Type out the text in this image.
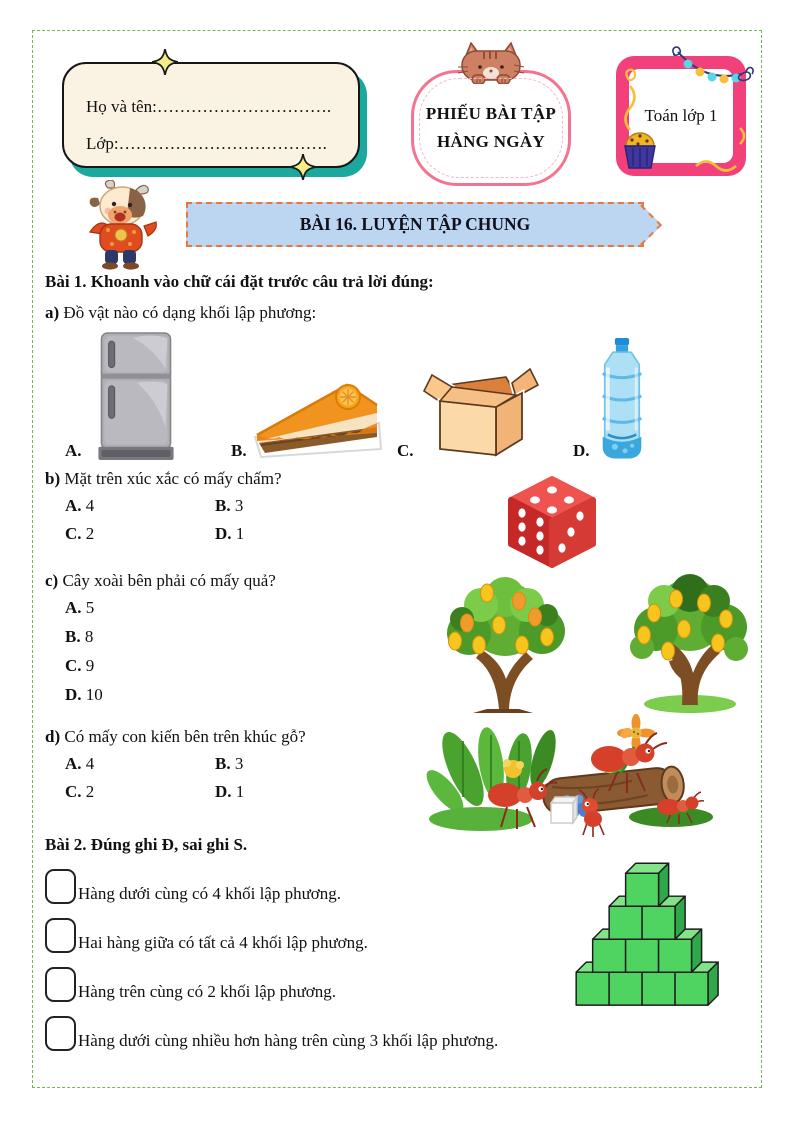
Họ và tên:………………………….
Lớp:……………………………….
PHIẾU BÀI TẬP
HÀNG NGÀY
Toán lớp 1
BÀI 16. LUYỆN TẬP CHUNG
Bài 1. Khoanh vào chữ cái đặt trước câu trả lời đúng:
a) Đồ vật nào có dạng khối lập phương:
A.	B.	C.	D.
b) Mặt trên xúc xắc có mấy chấm?
A. 4	B. 3
C. 2	D. 1
c) Cây xoài bên phải có mấy quả?
A. 5
B. 8
C. 9
D. 10
d) Có mấy con kiến bên trên khúc gỗ?
A. 4	B. 3
C. 2	D. 1
Bài 2. Đúng ghi Đ, sai ghi S.
Hàng dưới cùng có 4 khối lập phương.
Hai hàng giữa có tất cả 4 khối lập phương.
Hàng trên cùng có 2 khối lập phương.
Hàng dưới cùng nhiều hơn hàng trên cùng 3 khối lập phương.
